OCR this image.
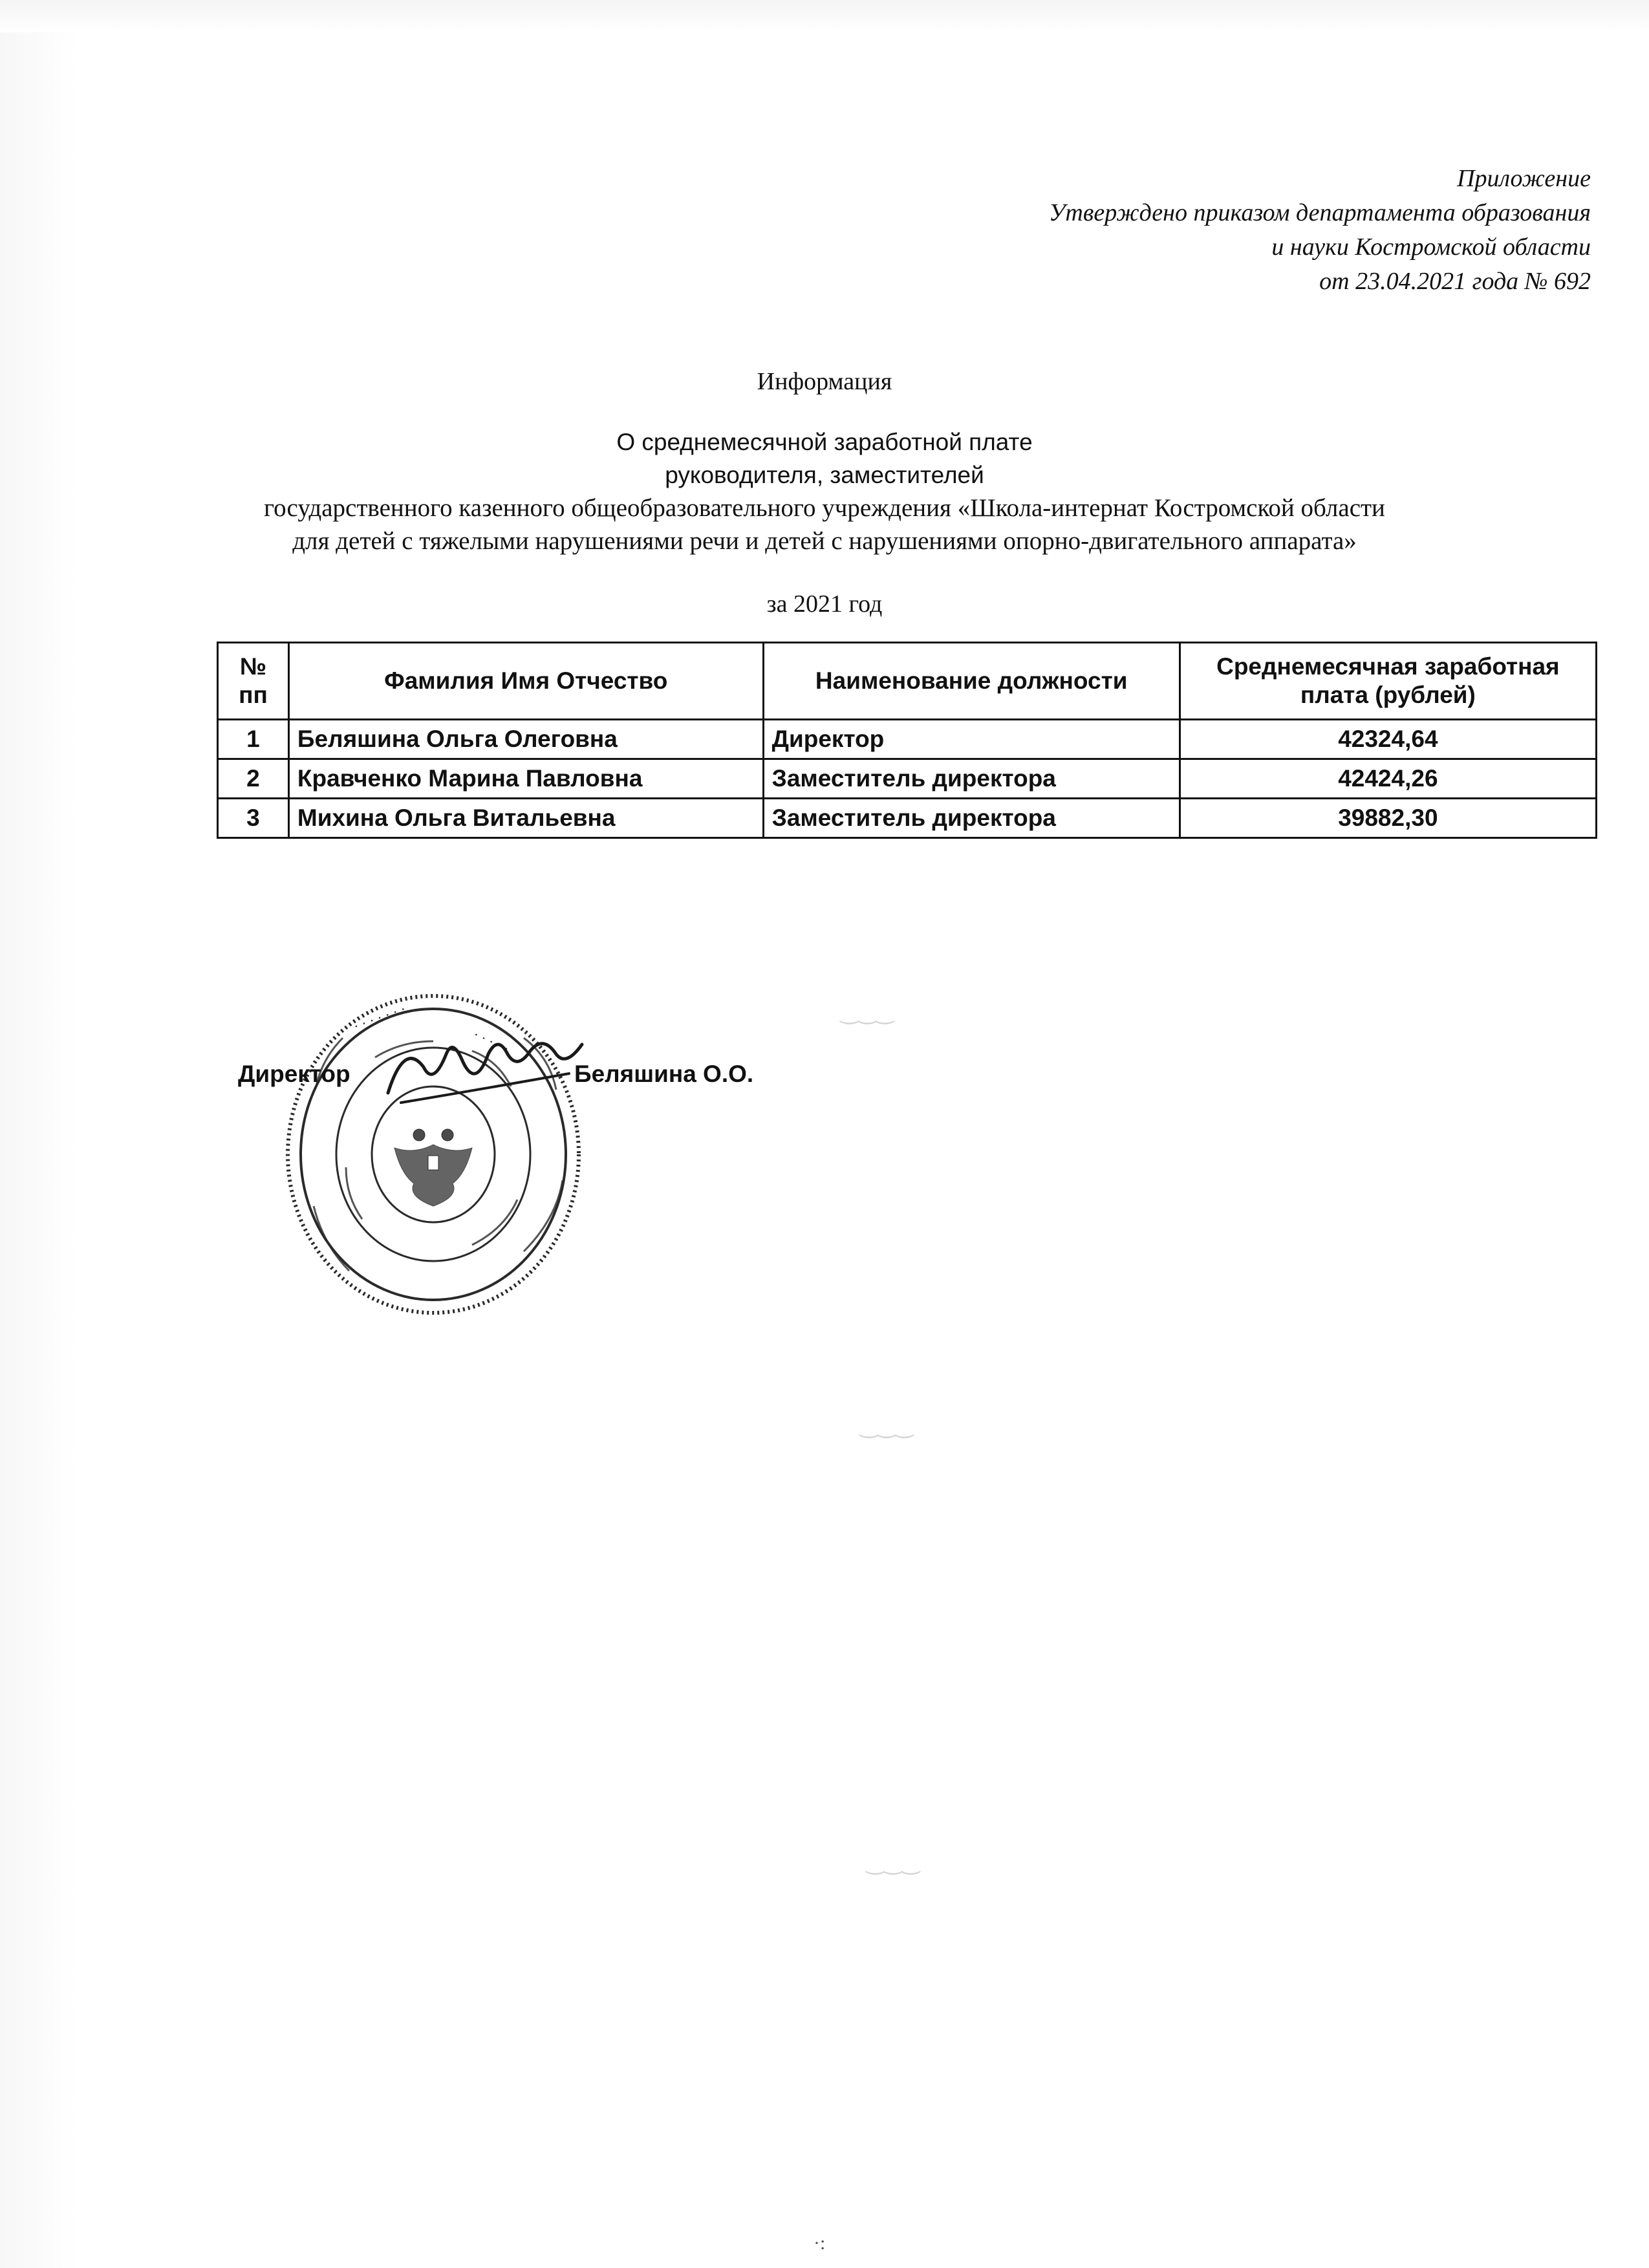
‿‿‿
‿‿‿
‿‿‿
Приложение
Утверждено приказом департамента образования
и науки Костромской области
от 23.04.2021 года № 692
Информация
О среднемесячной заработной плате
руководителя, заместителей
государственного казенного общеобразовательного учреждения «Школа-интернат Костромской области
для детей с тяжелыми нарушениями речи и детей с нарушениями опорно-двигательного аппарата»
за 2021 год
№ пп	Фамилия Имя Отчество	Наименование должности	Среднемесячная заработная плата (рублей)
1	Беляшина Ольга Олеговна	Директор	42324,64
2	Кравченко Марина Павловна	Заместитель директора	42424,26
3	Михина Ольга Витальевна	Заместитель директора	39882,30
· · · · · · ·
· · · · ·
Директор	Беляшина О.О.
·:
